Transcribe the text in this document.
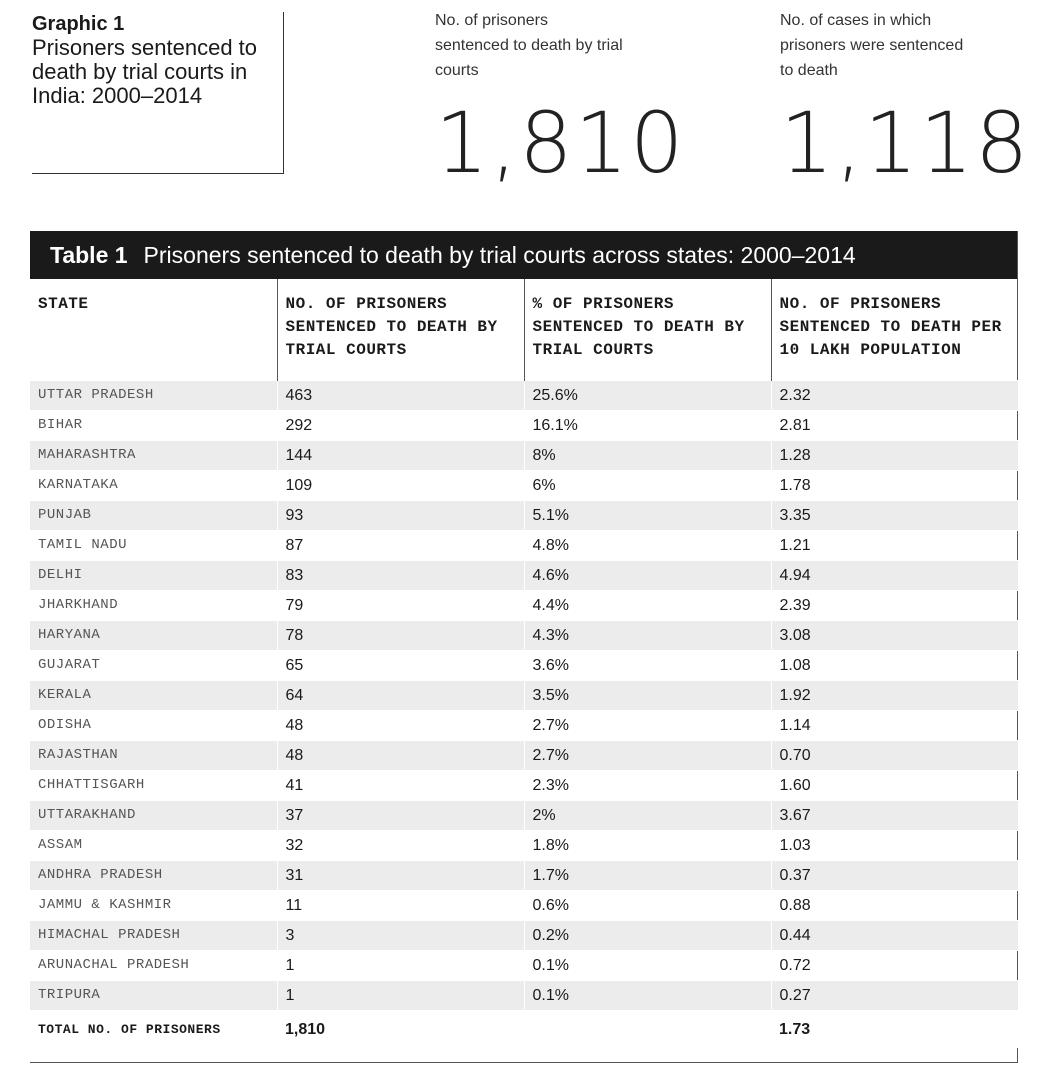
Graphic 1

Prisoners sentenced to death by trial courts in India: 2000–2014

No. of prisoners sentenced to death by trial courts
1,810
No. of cases in which prisoners were sentenced to death
1,118
Table 1 Prisoners sentenced to death by trial courts across states: 2000–2014
STATE	NO. OF PRISONERS SENTENCED TO DEATH BY TRIAL COURTS	% OF PRISONERS SENTENCED TO DEATH BY TRIAL COURTS	NO. OF PRISONERS SENTENCED TO DEATH PER 10 LAKH POPULATION
UTTAR PRADESH	463	25.6%	2.32
BIHAR	292	16.1%	2.81
MAHARASHTRA	144	8%	1.28
KARNATAKA	109	6%	1.78
PUNJAB	93	5.1%	3.35
TAMIL NADU	87	4.8%	1.21
DELHI	83	4.6%	4.94
JHARKHAND	79	4.4%	2.39
HARYANA	78	4.3%	3.08
GUJARAT	65	3.6%	1.08
KERALA	64	3.5%	1.92
ODISHA	48	2.7%	1.14
RAJASTHAN	48	2.7%	0.70
CHHATTISGARH	41	2.3%	1.60
UTTARAKHAND	37	2%	3.67
ASSAM	32	1.8%	1.03
ANDHRA PRADESH	31	1.7%	0.37
JAMMU & KASHMIR	11	0.6%	0.88
HIMACHAL PRADESH	3	0.2%	0.44
ARUNACHAL PRADESH	1	0.1%	0.72
TRIPURA	1	0.1%	0.27
TOTAL NO. OF PRISONERS	1,810		1.73
